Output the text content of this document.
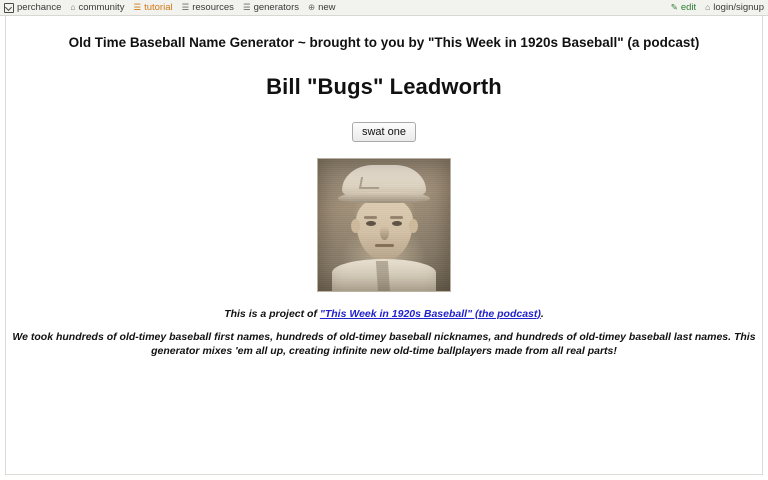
perchance ⌂ community ☰ tutorial ☰ resources ☰ generators ⊕ new	✎ edit ⌂ login/signup
Old Time Baseball Name Generator ~ brought to you by "This Week in 1920s Baseball" (a podcast)
Bill "Bugs" Leadworth
swat one
This is a project of "This Week in 1920s Baseball" (the podcast).
We took hundreds of old-timey baseball first names, hundreds of old-timey baseball nicknames, and hundreds of old-timey baseball last names. This generator mixes 'em all up, creating infinite new old-time ballplayers made from all real parts!
